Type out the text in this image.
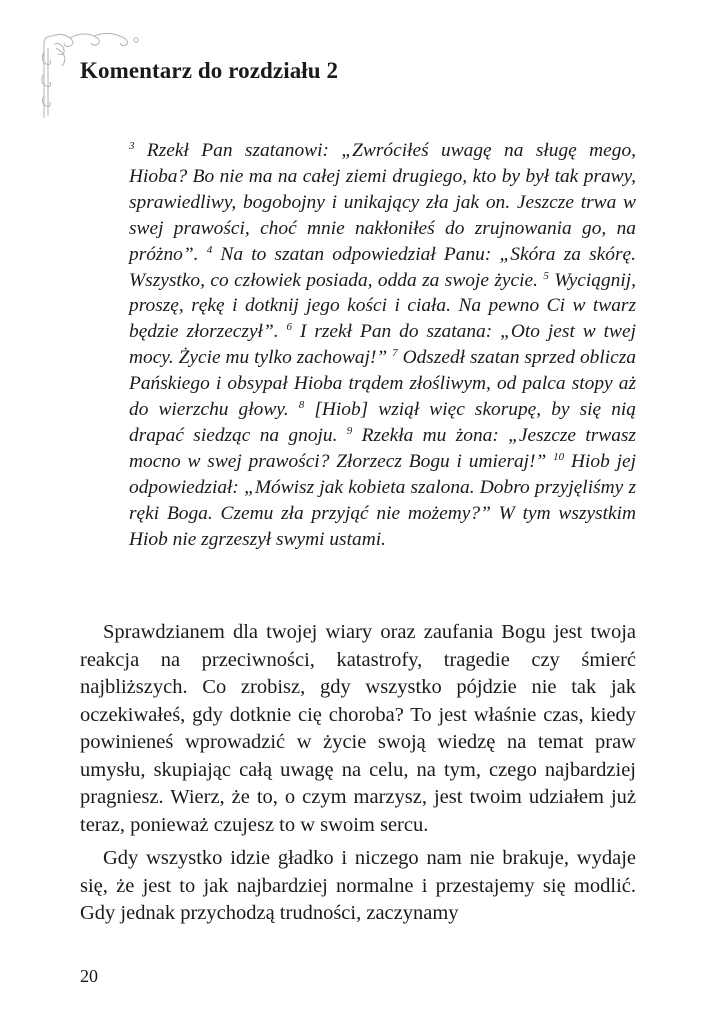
Komentarz do rozdziału 2

$^3$ Rzekł Pan szatanowi: „Zwróciłeś uwagę na sługę mego, Hioba? Bo nie ma na całej ziemi drugiego, kto by był tak prawy, sprawiedliwy, bogobojny i unikający zła jak on. Jeszcze trwa w swej prawości, choć mnie nakłoniłeś do zrujnowania go, na próżno”. $^4$ Na to szatan odpowiedział Panu: „Skóra za skórę. Wszystko, co człowiek posiada, odda za swoje życie. $^5$ Wyciągnij, proszę, rękę i dotknij jego kości i ciała. Na pewno Ci w twarz będzie złorzeczył”. $^6$ I rzekł Pan do szatana: „Oto jest w twej mocy. Życie mu tylko zachowaj!” $^7$ Odszedł szatan sprzed oblicza Pańskiego i obsypał Hioba trądem złośliwym, od palca stopy aż do wierzchu głowy. $^8$ [Hiob] wziął więc skorupę, by się nią drapać siedząc na gnoju. $^9$ Rzekła mu żona: „Jeszcze trwasz mocno w swej prawości? Złorzecz Bogu i umieraj!” $^{10}$ Hiob jej odpowiedział: „Mówisz jak kobieta szalona. Dobro przyjęliśmy z ręki Boga. Czemu zła przyjąć nie możemy?” W tym wszystkim Hiob nie zgrzeszył swymi ustami.

Sprawdzianem dla twojej wiary oraz zaufania Bogu jest twoja reakcja na przeciwności, katastrofy, tragedie czy śmierć najbliższych. Co zrobisz, gdy wszystko pójdzie nie tak jak oczekiwałeś, gdy dotknie cię choroba? To jest właśnie czas, kiedy powinieneś wprowadzić w życie swoją wiedzę na temat praw umysłu, skupiając całą uwagę na celu, na tym, czego najbardziej pragniesz. Wierz, że to, o czym marzysz, jest twoim udziałem już teraz, ponieważ czujesz to w swoim sercu.

Gdy wszystko idzie gładko i niczego nam nie brakuje, wydaje się, że jest to jak najbardziej normalne i przestajemy się modlić. Gdy jednak przychodzą trudności, zaczynamy

20
